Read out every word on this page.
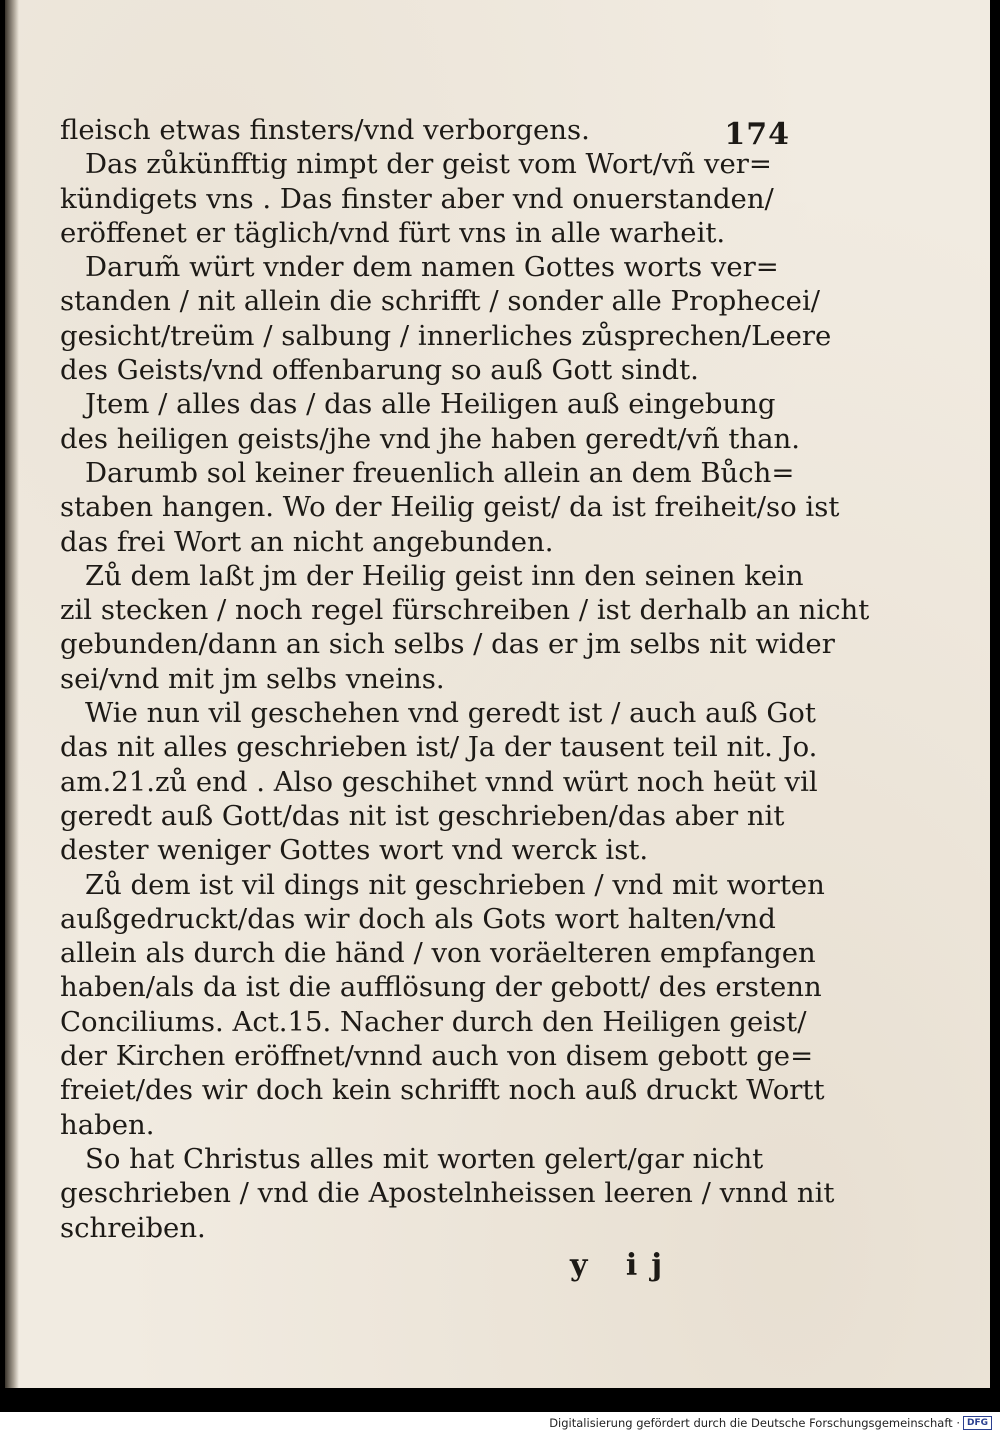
174
fleisch etwas finsters/vnd verborgens.
Das zůkünfftig nimpt der geist vom Wort/vñ ver=
kündigets vns . Das finster aber vnd onuerstanden/
eröffenet er täglich/vnd fürt vns in alle warheit.
Darum̃ würt vnder dem namen Gottes worts ver=
standen / nit allein die schrifft / sonder alle Prophecei/
gesicht/treüm / salbung / innerliches zůsprechen/Leere
des Geists/vnd offenbarung so auß Gott sindt.
Jtem / alles das / das alle Heiligen auß eingebung
des heiligen geists/jhe vnd jhe haben geredt/vñ than.
Darumb sol keiner freuenlich allein an dem Bůch=
staben hangen. Wo der Heilig geist/ da ist freiheit/so ist
das frei Wort an nicht angebunden.
Zů dem laßt jm der Heilig geist inn den seinen kein
zil stecken / noch regel fürschreiben / ist derhalb an nicht
gebunden/dann an sich selbs / das er jm selbs nit wider
sei/vnd mit jm selbs vneins.
Wie nun vil geschehen vnd geredt ist / auch auß Got
das nit alles geschrieben ist/ Ja der tausent teil nit. Jo.
am.21.zů end . Also geschihet vnnd würt noch heüt vil
geredt auß Gott/das nit ist geschrieben/das aber nit
dester weniger Gottes wort vnd werck ist.
Zů dem ist vil dings nit geschrieben / vnd mit worten
außgedruckt/das wir doch als Gots wort halten/vnd
allein als durch die händ / von voräelteren empfangen
haben/als da ist die aufflösung der gebott/ des erstenn
Conciliums. Act.15. Nacher durch den Heiligen geist/
der Kirchen eröffnet/vnnd auch von disem gebott ge=
freiet/des wir doch kein schrifft noch auß druckt Wortt
haben.
So hat Christus alles mit worten gelert/gar nicht
geschrieben / vnd die Apostelnheissen leeren / vnnd nit
schreiben.
y ij
Digitalisierung gefördert durch die Deutsche Forschungsgemeinschaft · DFG
